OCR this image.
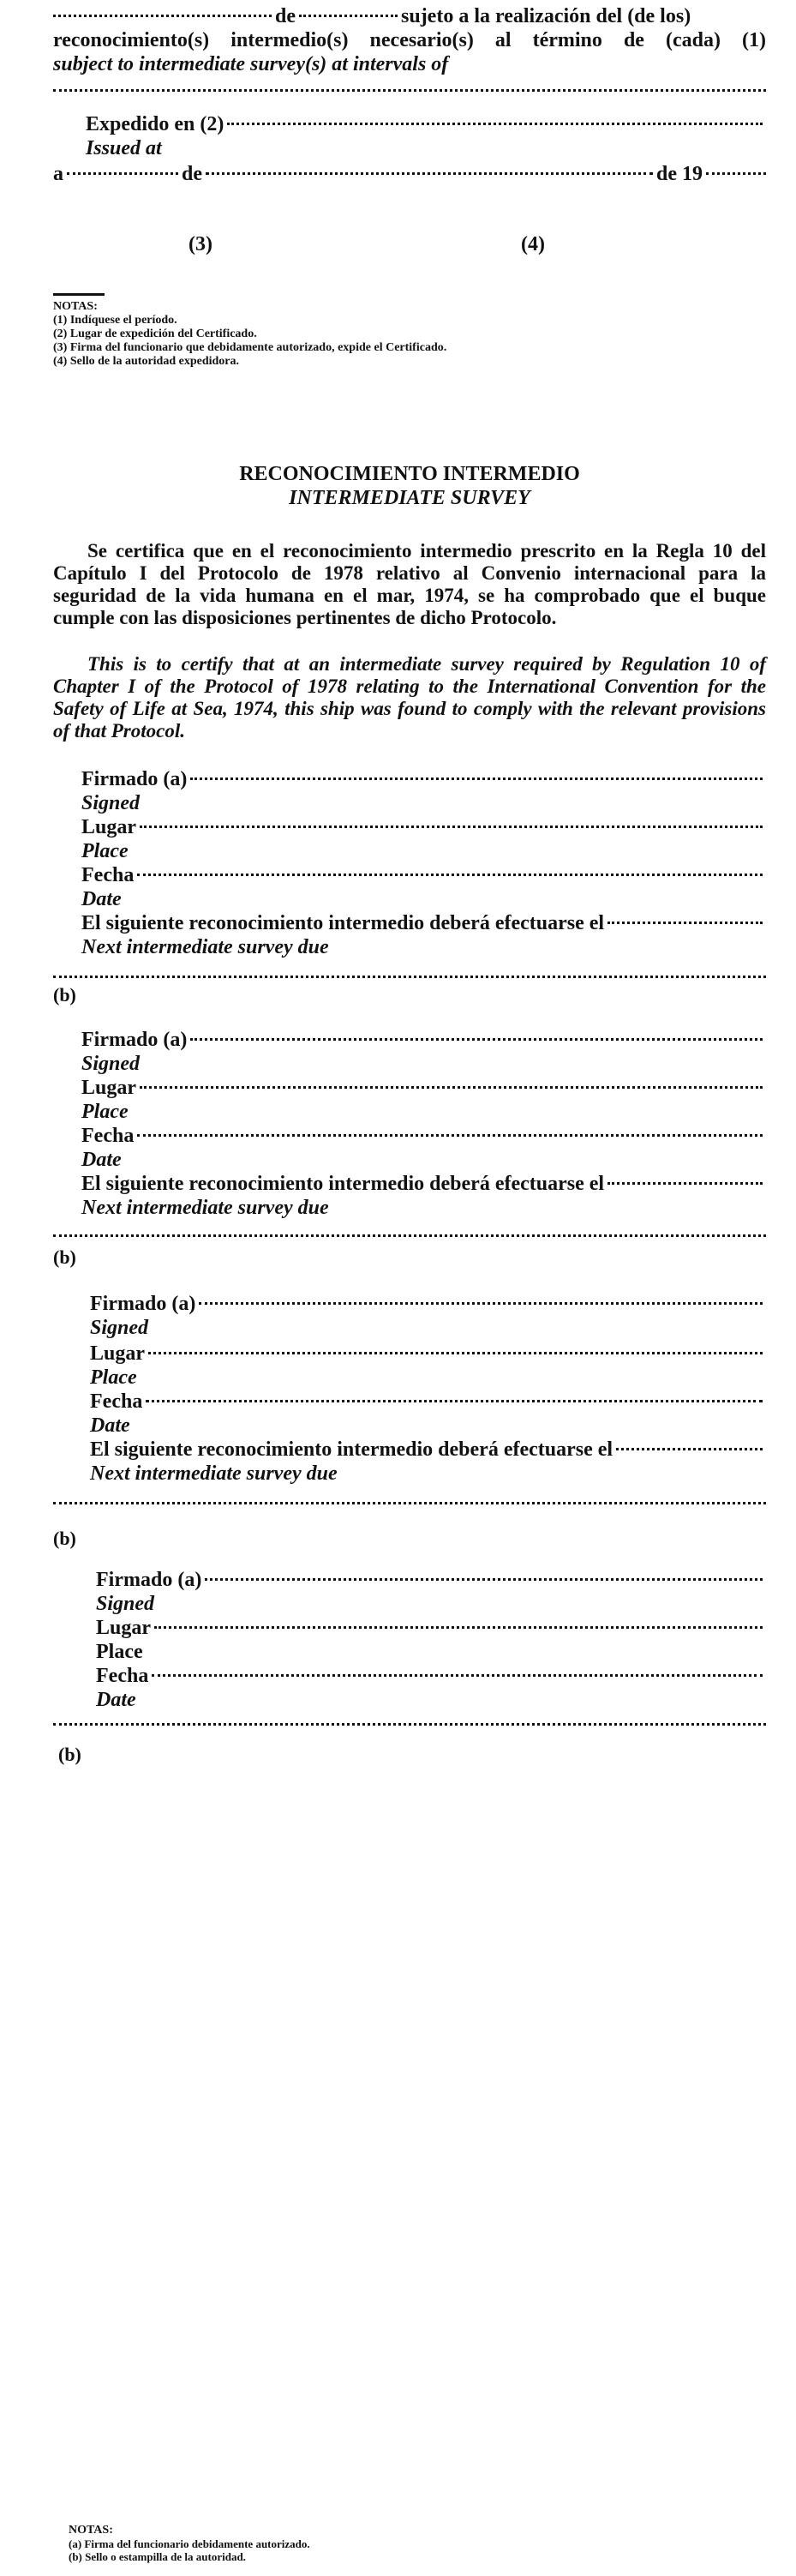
de	sujeto a la realización del (de los)
reconocimiento(s) intermedio(s) necesario(s) al término de (cada) (1)
subject to intermediate survey(s) at intervals of
Expedido en (2)
Issued at
a	de	de 19
(3)	(4)
NOTAS:
(1) Indíquese el período.
(2) Lugar de expedición del Certificado.
(3) Firma del funcionario que debidamente autorizado, expide el Certificado.
(4) Sello de la autoridad expedidora.
RECONOCIMIENTO INTERMEDIO
INTERMEDIATE SURVEY
Se certifica que en el reconocimiento intermedio prescrito en la Regla 10 del Capítulo I del Protocolo de 1978 relativo al Convenio internacional para la seguridad de la vida humana en el mar, 1974, se ha comprobado que el buque cumple con las disposiciones pertinentes de dicho Protocolo.
This is to certify that at an intermediate survey required by Regulation 10 of Chapter I of the Protocol of 1978 relating to the International Convention for the Safety of Life at Sea, 1974, this ship was found to comply with the relevant provisions of that Protocol.
Firmado (a)
Signed
Lugar
Place
Fecha
Date
El siguiente reconocimiento intermedio deberá efectuarse el
Next intermediate survey due
(b)
Firmado (a)
Signed
Lugar
Place
Fecha
Date
El siguiente reconocimiento intermedio deberá efectuarse el
Next intermediate survey due
(b)
Firmado (a)
Signed
Lugar
Place
Fecha
Date
El siguiente reconocimiento intermedio deberá efectuarse el
Next intermediate survey due
(b)
Firmado (a)
Signed
Lugar
Place
Fecha
Date
(b)
NOTAS:
(a) Firma del funcionario debidamente autorizado.
(b) Sello o estampilla de la autoridad.
